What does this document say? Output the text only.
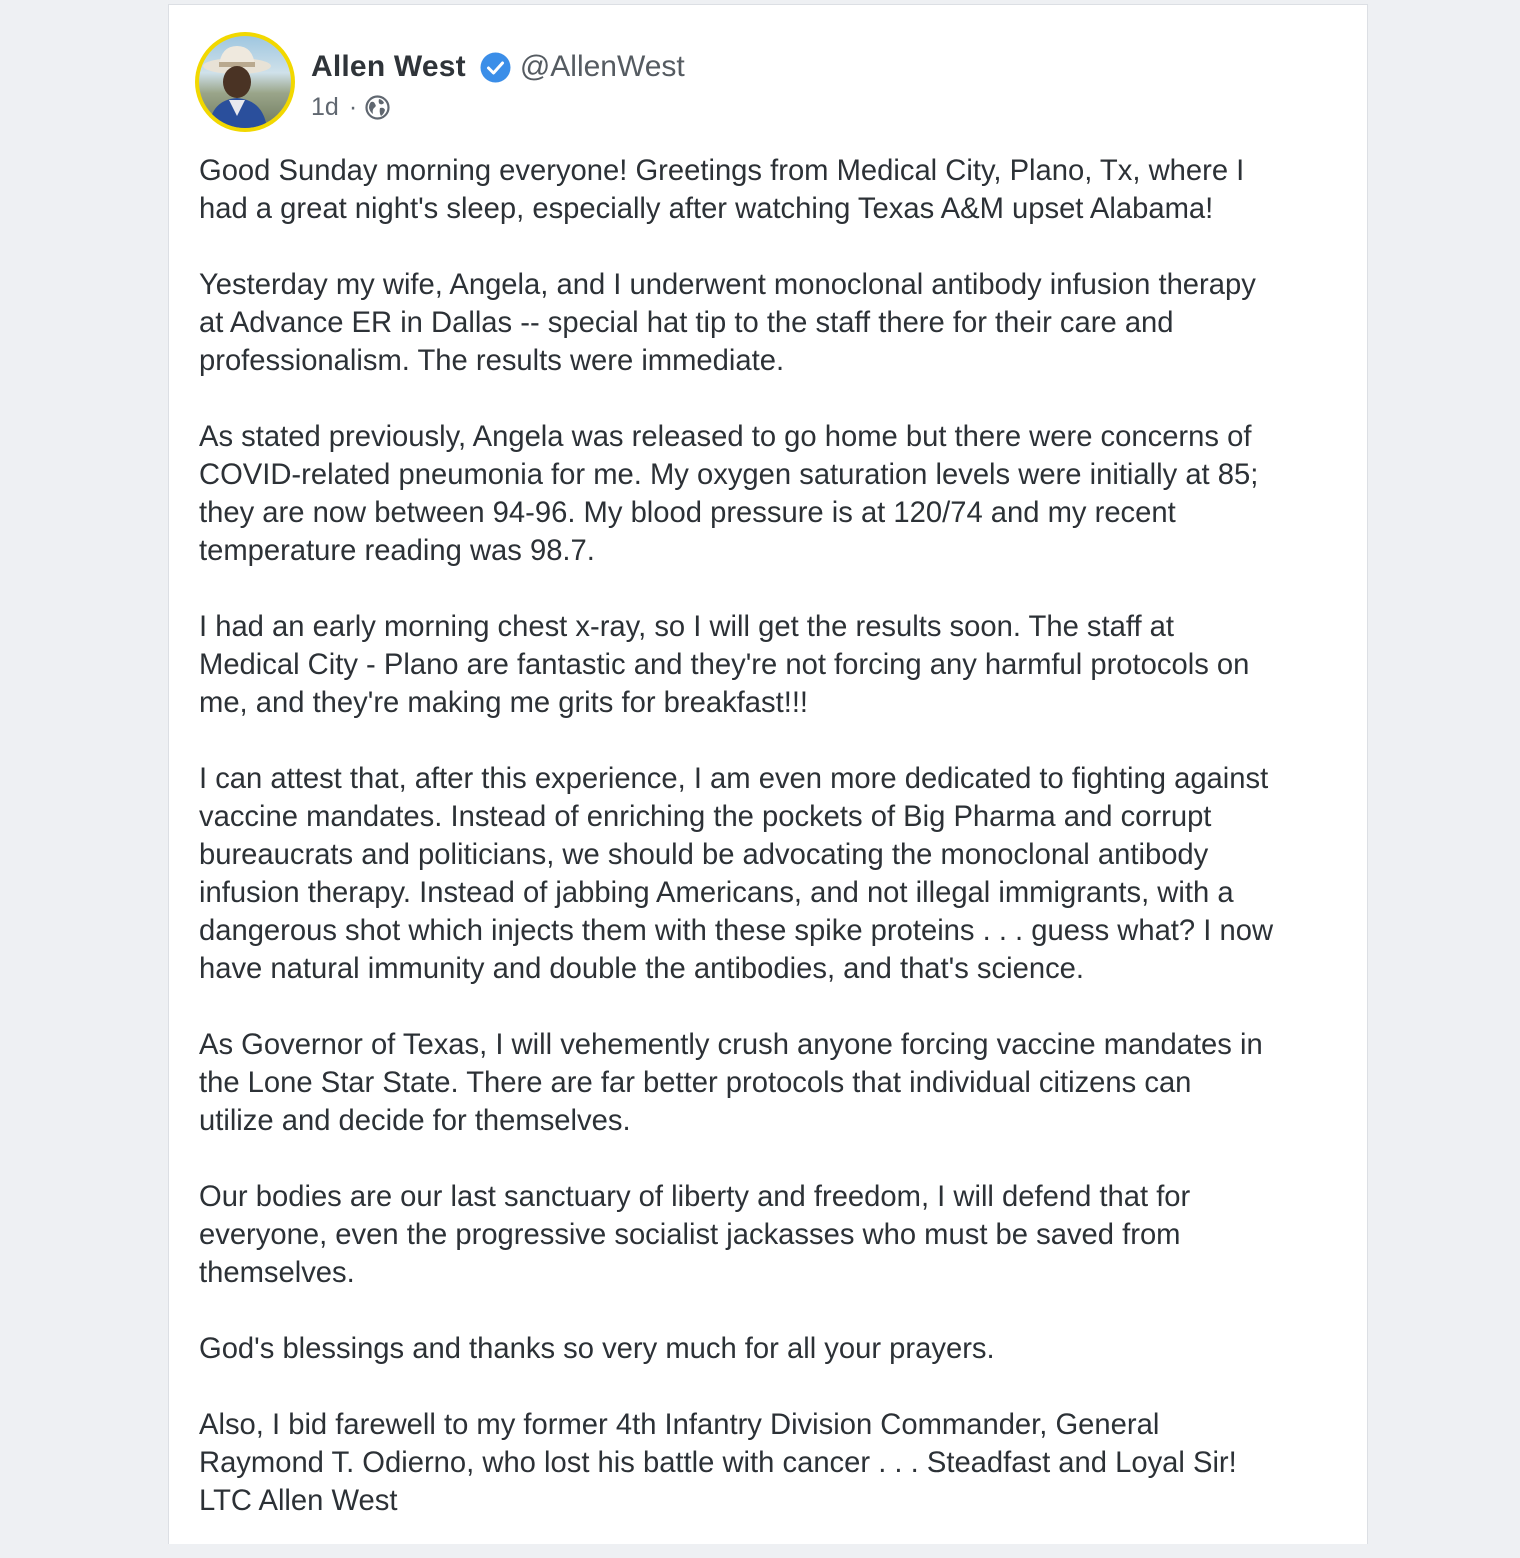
Allen West @AllenWest
1d ·

Good Sunday morning everyone! Greetings from Medical City, Plano, Tx, where I
had a great night's sleep, especially after watching Texas A&M upset Alabama!

Yesterday my wife, Angela, and I underwent monoclonal antibody infusion therapy
at Advance ER in Dallas -- special hat tip to the staff there for their care and
professionalism. The results were immediate.

As stated previously, Angela was released to go home but there were concerns of
COVID-related pneumonia for me. My oxygen saturation levels were initially at 85;
they are now between 94-96. My blood pressure is at 120/74 and my recent
temperature reading was 98.7.

I had an early morning chest x-ray, so I will get the results soon. The staff at
Medical City - Plano are fantastic and they're not forcing any harmful protocols on
me, and they're making me grits for breakfast!!!

I can attest that, after this experience, I am even more dedicated to fighting against
vaccine mandates. Instead of enriching the pockets of Big Pharma and corrupt
bureaucrats and politicians, we should be advocating the monoclonal antibody
infusion therapy. Instead of jabbing Americans, and not illegal immigrants, with a
dangerous shot which injects them with these spike proteins . . . guess what? I now
have natural immunity and double the antibodies, and that's science.

As Governor of Texas, I will vehemently crush anyone forcing vaccine mandates in
the Lone Star State. There are far better protocols that individual citizens can
utilize and decide for themselves.

Our bodies are our last sanctuary of liberty and freedom, I will defend that for
everyone, even the progressive socialist jackasses who must be saved from
themselves.

God's blessings and thanks so very much for all your prayers.

Also, I bid farewell to my former 4th Infantry Division Commander, General
Raymond T. Odierno, who lost his battle with cancer . . . Steadfast and Loyal Sir!
LTC Allen West
